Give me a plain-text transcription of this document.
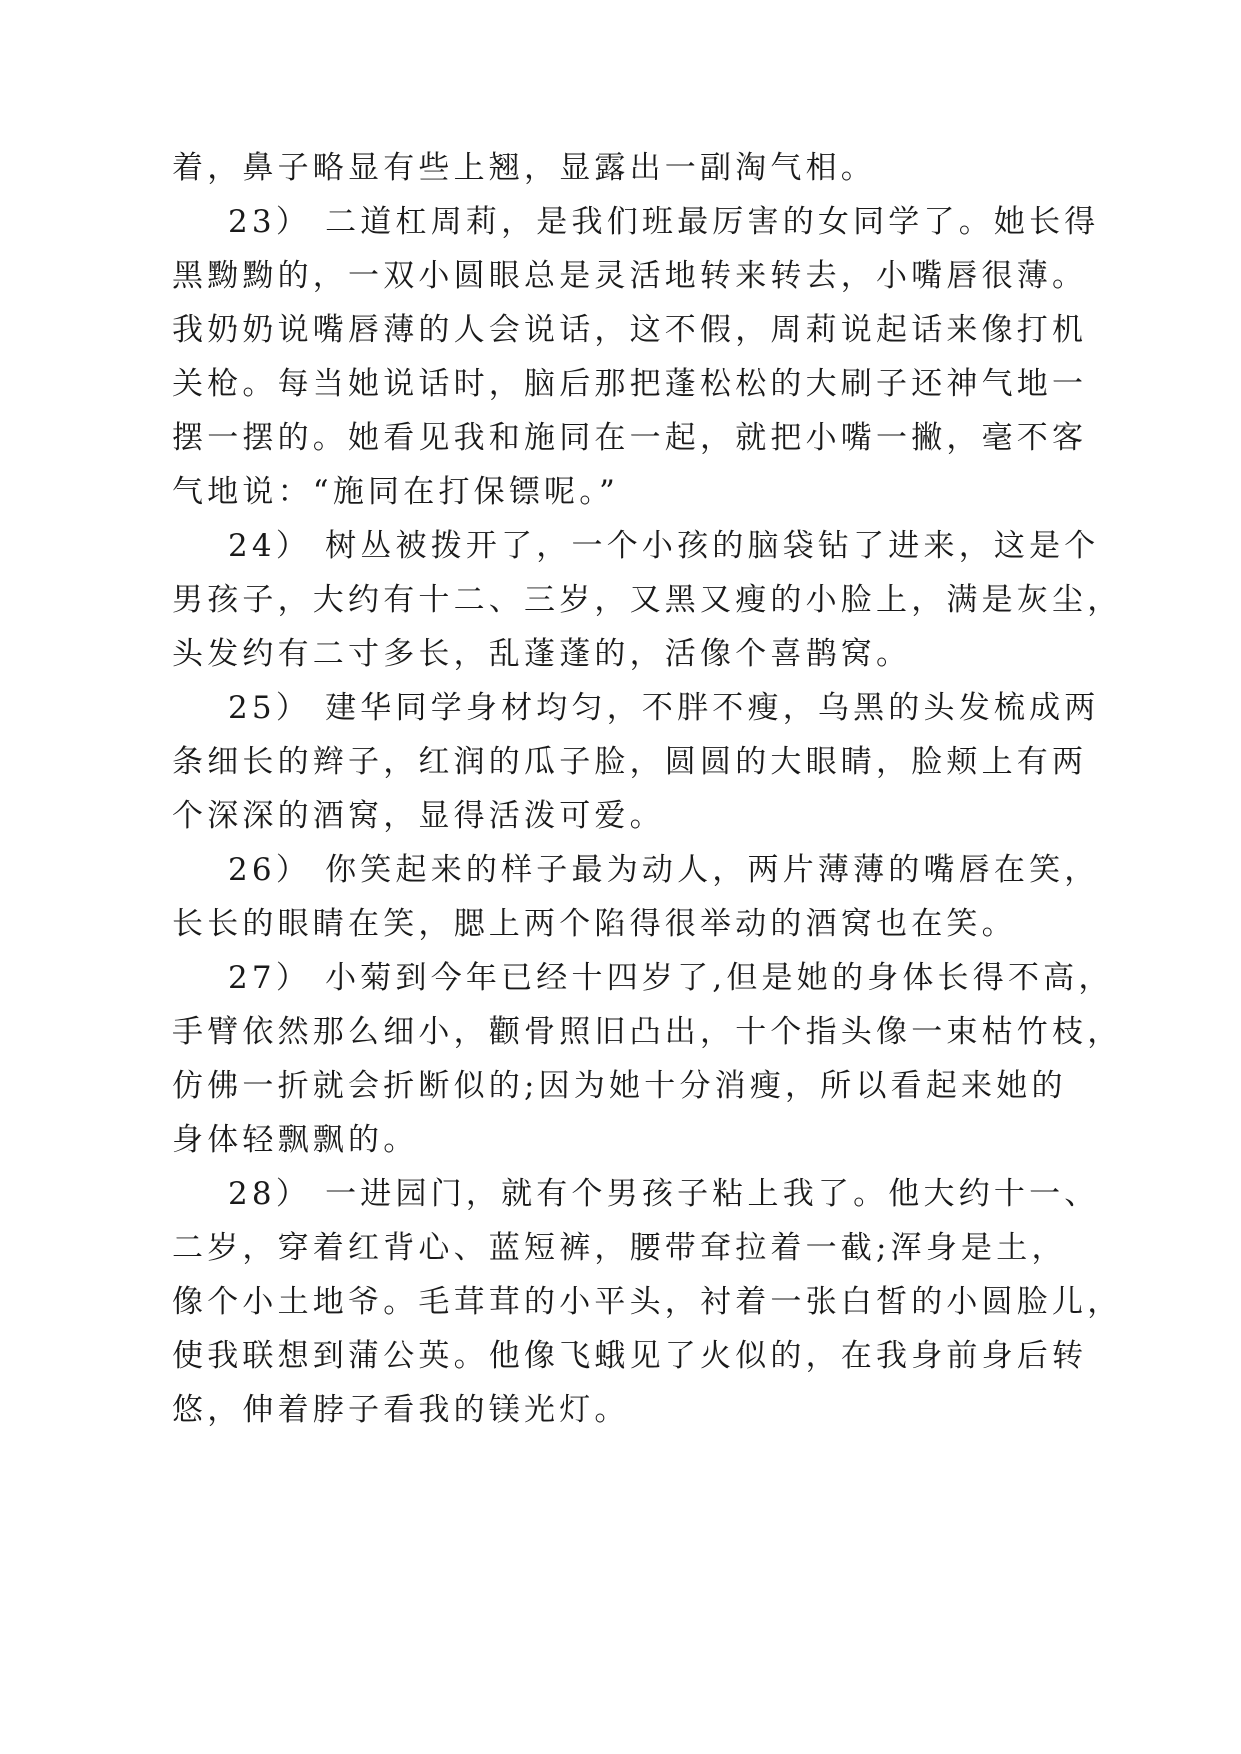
着，鼻子略显有些上翘，显露出一副淘气相。
23） 二道杠周莉，是我们班最厉害的女同学了。她长得
黑黝黝的，一双小圆眼总是灵活地转来转去，小嘴唇很薄。
我奶奶说嘴唇薄的人会说话，这不假，周莉说起话来像打机
关枪。每当她说话时，脑后那把蓬松松的大刷子还神气地一
摆一摆的。她看见我和施同在一起，就把小嘴一撇，毫不客
气地说：“施同在打保镖呢。”
24） 树丛被拨开了，一个小孩的脑袋钻了进来，这是个
男孩子，大约有十二、三岁，又黑又瘦的小脸上，满是灰尘，
头发约有二寸多长，乱蓬蓬的，活像个喜鹊窝。
25） 建华同学身材均匀，不胖不瘦，乌黑的头发梳成两
条细长的辫子，红润的瓜子脸，圆圆的大眼睛，脸颊上有两
个深深的酒窝，显得活泼可爱。
26） 你笑起来的样子最为动人，两片薄薄的嘴唇在笑，
长长的眼睛在笑，腮上两个陷得很举动的酒窝也在笑。
27） 小菊到今年已经十四岁了,但是她的身体长得不高，
手臂依然那么细小，颧骨照旧凸出，十个指头像一束枯竹枝，
仿佛一折就会折断似的;因为她十分消瘦，所以看起来她的
身体轻飘飘的。
28） 一进园门，就有个男孩子粘上我了。他大约十一、
二岁，穿着红背心、蓝短裤，腰带耷拉着一截;浑身是土，
像个小土地爷。毛茸茸的小平头，衬着一张白皙的小圆脸儿，
使我联想到蒲公英。他像飞蛾见了火似的，在我身前身后转
悠，伸着脖子看我的镁光灯。
